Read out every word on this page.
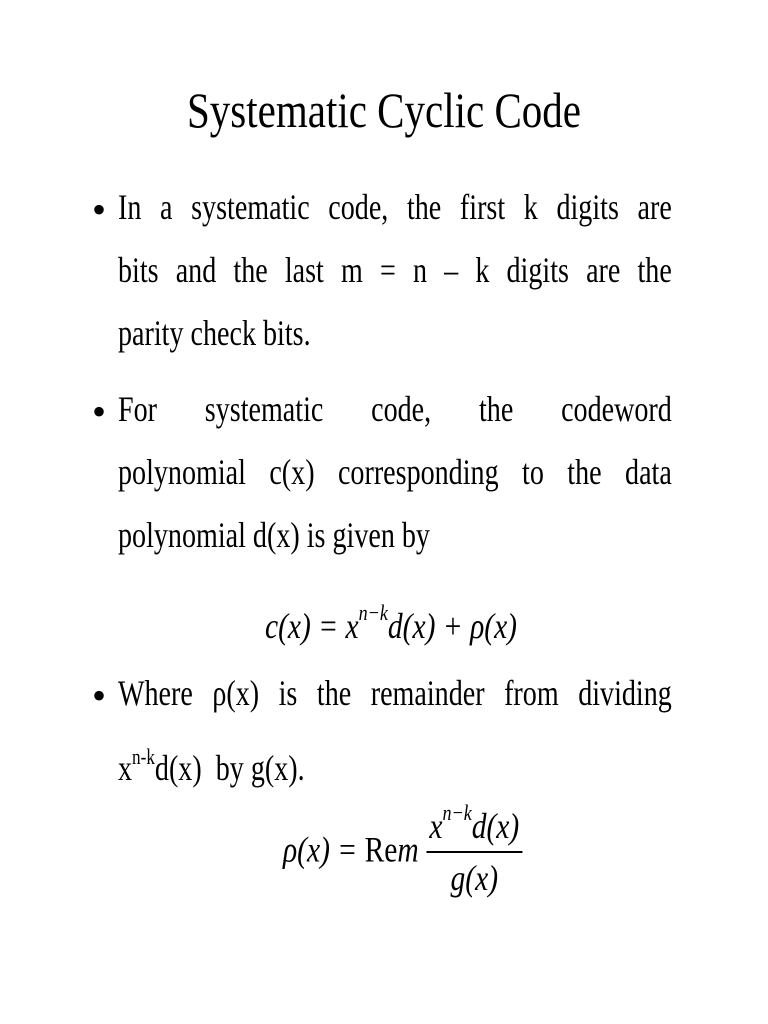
Systematic Cyclic Code
• In a systematic code, the first k digits are
bits and the last m = n – k digits are the
parity check bits.
• For systematic code, the codeword
polynomial c(x) corresponding to the data
polynomial d(x) is given by
$c(x) = x^{n-k}d(x) + \rho(x)$
• Where ρ(x) is the remainder from dividing
$x^{n-k}d(x)$  by g(x).
ρ(x) = Rem $\frac{x^{n-k}d(x)}{g(x)}$
